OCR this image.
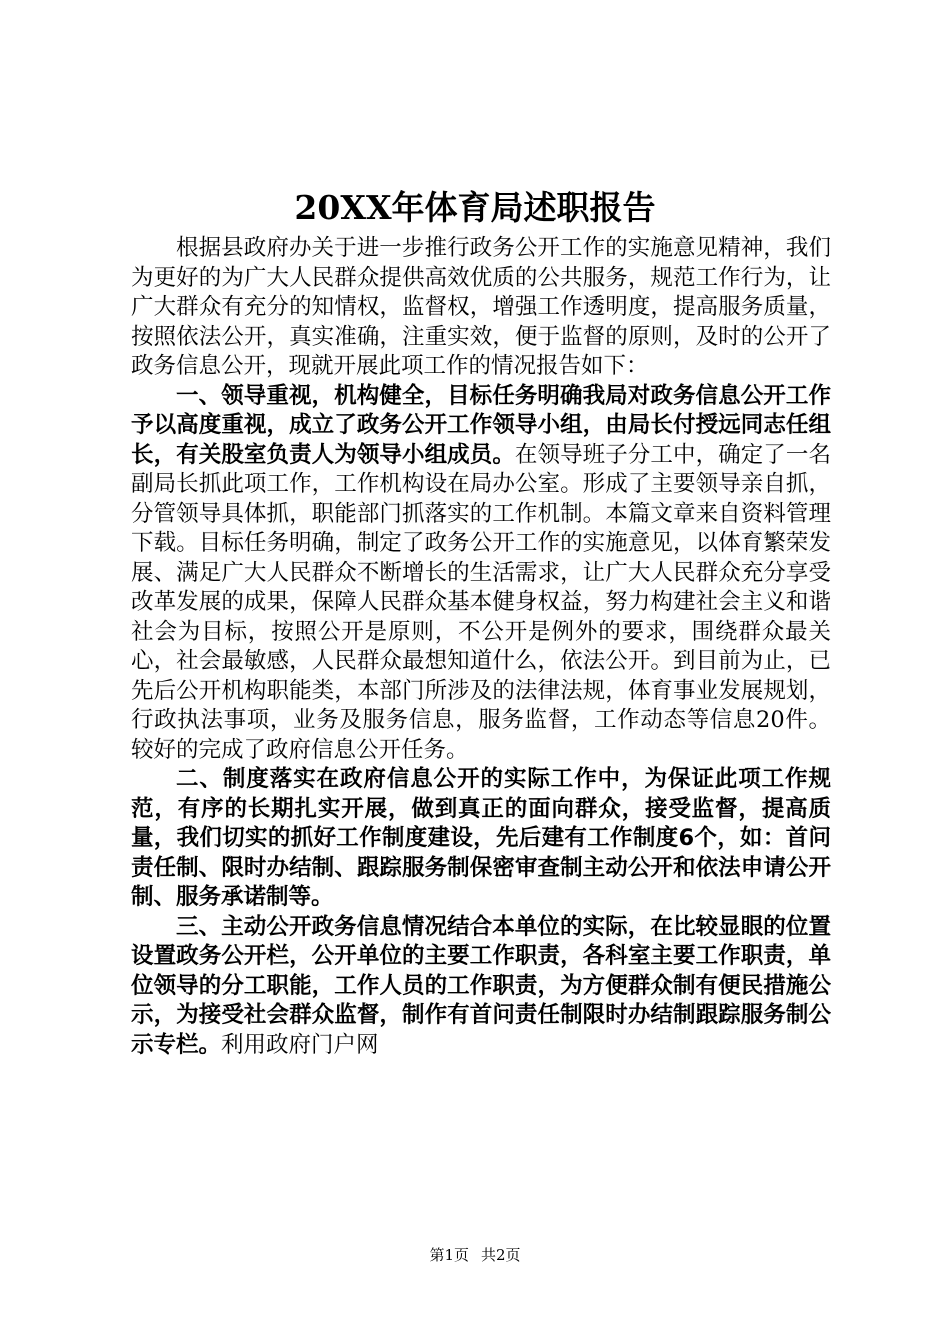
20XX年体育局述职报告

根据县政府办关于进一步推行政务公开工作的实施意见精神，我们为更好的为广大人民群众提供高效优质的公共服务，规范工作行为，让广大群众有充分的知情权，监督权，增强工作透明度，提高服务质量，按照依法公开，真实准确，注重实效，便于监督的原则，及时的公开了政务信息公开，现就开展此项工作的情况报告如下：

一、领导重视，机构健全，目标任务明确我局对政务信息公开工作予以高度重视，成立了政务公开工作领导小组，由局长付授远同志任组长，有关股室负责人为领导小组成员。在领导班子分工中，确定了一名副局长抓此项工作，工作机构设在局办公室。形成了主要领导亲自抓，分管领导具体抓，职能部门抓落实的工作机制。本篇文章来自资料管理下载。目标任务明确，制定了政务公开工作的实施意见，以体育繁荣发展、满足广大人民群众不断增长的生活需求，让广大人民群众充分享受改革发展的成果，保障人民群众基本健身权益，努力构建社会主义和谐社会为目标，按照公开是原则，不公开是例外的要求，围绕群众最关心，社会最敏感，人民群众最想知道什么，依法公开。到目前为止，已先后公开机构职能类，本部门所涉及的法律法规，体育事业发展规划，行政执法事项，业务及服务信息，服务监督，工作动态等信息20件。较好的完成了政府信息公开任务。

二、制度落实在政府信息公开的实际工作中，为保证此项工作规范，有序的长期扎实开展，做到真正的面向群众，接受监督，提高质量，我们切实的抓好工作制度建设，先后建有工作制度6个，如：首问责任制、限时办结制、跟踪服务制保密审查制主动公开和依法申请公开制、服务承诺制等。

三、主动公开政务信息情况结合本单位的实际，在比较显眼的位置设置政务公开栏，公开单位的主要工作职责，各科室主要工作职责，单位领导的分工职能，工作人员的工作职责，为方便群众制有便民措施公示，为接受社会群众监督，制作有首问责任制限时办结制跟踪服务制公示专栏。利用政府门户网

第1页 共2页
